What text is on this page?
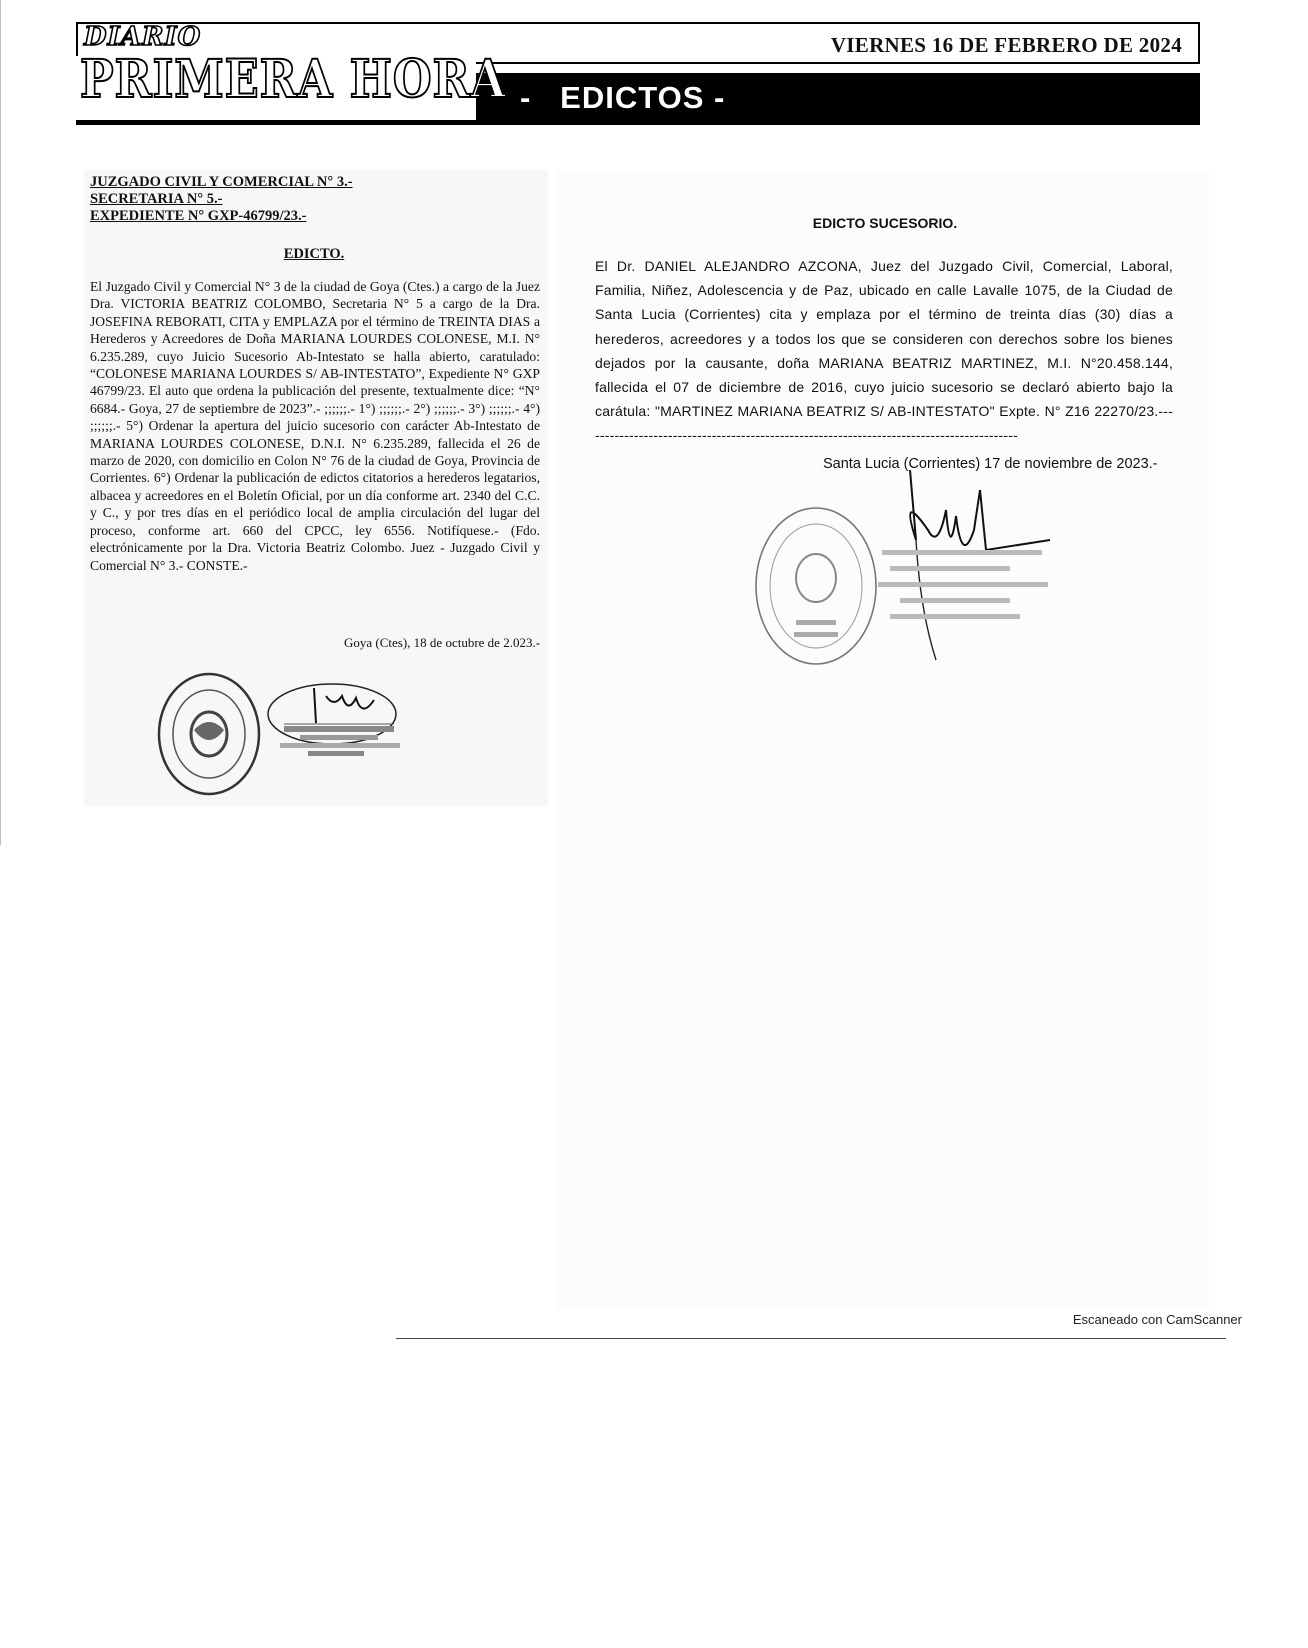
VIERNES 16 DE FEBRERO DE 2024
-   EDICTOS -
DIARIO
PRIMERA HORA
JUZGADO CIVIL Y COMERCIAL N° 3.-
SECRETARIA N° 5.-
EXPEDIENTE N° GXP-46799/23.-
EDICTO.
El Juzgado Civil y Comercial N° 3 de la ciudad de Goya (Ctes.) a cargo de la Juez Dra. VICTORIA BEATRIZ COLOMBO, Secretaria N° 5 a cargo de la Dra. JOSEFINA REBORATI, CITA y EMPLAZA por el término de TREINTA DIAS a Herederos y Acreedores de Doña MARIANA LOURDES COLONESE, M.I. N° 6.235.289, cuyo Juicio Sucesorio Ab-Intestato se halla abierto, caratulado: “COLONESE MARIANA LOURDES S/ AB-INTESTATO”, Expediente N° GXP 46799/23. El auto que ordena la publicación del presente, textualmente dice: “N° 6684.- Goya, 27 de septiembre de 2023”.- ;;;;;;.- 1°) ;;;;;;.- 2°) ;;;;;;.- 3°) ;;;;;;.- 4°) ;;;;;;.- 5°) Ordenar la apertura del juicio sucesorio con carácter Ab-Intestato de MARIANA LOURDES COLONESE, D.N.I. N° 6.235.289, fallecida el 26 de marzo de 2020, con domicilio en Colon N° 76 de la ciudad de Goya, Provincia de Corrientes. 6°) Ordenar la publicación de edictos citatorios a herederos legatarios, albacea y acreedores en el Boletín Oficial, por un día conforme art. 2340 del C.C. y C., y por tres días en el periódico local de amplia circulación del lugar del proceso, conforme art. 660 del CPCC, ley 6556. Notifíquese.- (Fdo. electrónicamente por la Dra. Victoria Beatriz Colombo. Juez - Juzgado Civil y Comercial N° 3.- CONSTE.-
Goya (Ctes), 18 de octubre de 2.023.-
EDICTO SUCESORIO.
El Dr. DANIEL ALEJANDRO AZCONA, Juez del Juzgado Civil, Comercial, Laboral, Familia, Niñez, Adolescencia y de Paz, ubicado en calle Lavalle 1075, de la Ciudad de Santa Lucia (Corrientes) cita y emplaza por el término de treinta días (30) días a herederos, acreedores y a todos los que se consideren con derechos sobre los bienes dejados por la causante, doña MARIANA BEATRIZ MARTINEZ, M.I. N°20.458.144, fallecida el 07 de diciembre de 2016, cuyo juicio sucesorio se declaró abierto bajo la carátula: "MARTINEZ MARIANA BEATRIZ S/ AB-INTESTATO" Expte. N° Z16 22270/23.------------------------------------------------------------------------------------------
Santa Lucia (Corrientes) 17 de noviembre de 2023.-
Escaneado con CamScanner
